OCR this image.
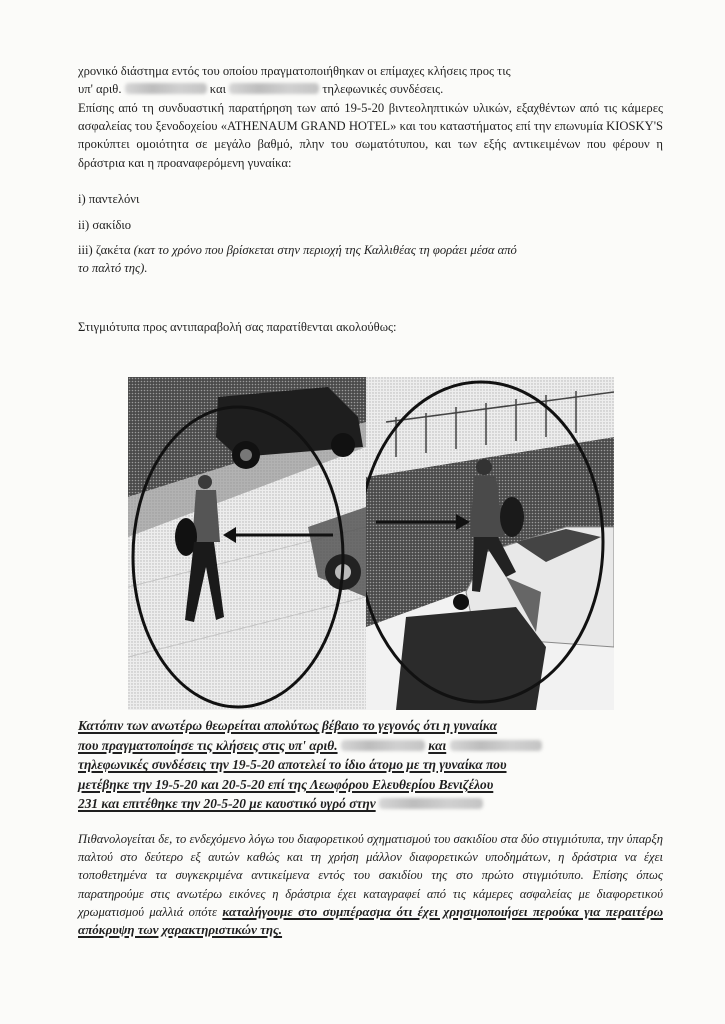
χρονικό διάστημα εντός του οποίου πραγματοποιήθηκαν οι επίμαχες κλήσεις προς τις
υπ' αριθ.	και	τηλεφωνικές συνδέσεις.

Επίσης από τη συνδυαστική παρατήρηση των από 19-5-20 βιντεοληπτικών υλικών, εξαχθέντων από τις κάμερες ασφαλείας του ξενοδοχείου «ATHENAUM GRAND HOTEL» και του καταστήματος επί την επωνυμία KIOSKY'S προκύπτει ομοιότητα σε μεγάλο βαθμό, πλην του σωματότυπου, και των εξής αντικειμένων που φέρουν η δράστρια και η προαναφερόμενη γυναίκα:

i) παντελόνι

ii) σακίδιο

iii) ζακέτα (κατ το χρόνο που βρίσκεται στην περιοχή της Καλλιθέας τη φοράει μέσα από
το παλτό της).

Στιγμιότυπα προς αντιπαραβολή σας παρατίθενται ακολούθως:

Κατόπιν των ανωτέρω θεωρείται απολύτως βέβαιο το γεγονός ότι η γυναίκα
που πραγματοποίησε τις κλήσεις στις υπ' αριθ.	και
τηλεφωνικές συνδέσεις την 19-5-20 αποτελεί το ίδιο άτομο με τη γυναίκα που
μετέβηκε την 19-5-20 και 20-5-20 επί της Λεωφόρου Ελευθερίου Βενιζέλου
231 και επιτέθηκε την 20-5-20 με καυστικό υγρό στην

Πιθανολογείται δε, το ενδεχόμενο λόγω του διαφορετικού σχηματισμού του σακιδίου στα δύο στιγμιότυπα, την ύπαρξη παλτού στο δεύτερο εξ αυτών καθώς και τη χρήση μάλλον διαφορετικών υποδημάτων, η δράστρια να έχει τοποθετημένα τα συγκεκριμένα αντικείμενα εντός του σακιδίου της στο πρώτο στιγμιότυπο. Επίσης όπως παρατηρούμε στις ανωτέρω εικόνες η δράστρια έχει καταγραφεί από τις κάμερες ασφαλείας με διαφορετικού χρωματισμού μαλλιά οπότε καταλήγουμε στο συμπέρασμα ότι έχει χρησιμοποιήσει περούκα για περαιτέρω απόκρυψη των χαρακτηριστικών της.
